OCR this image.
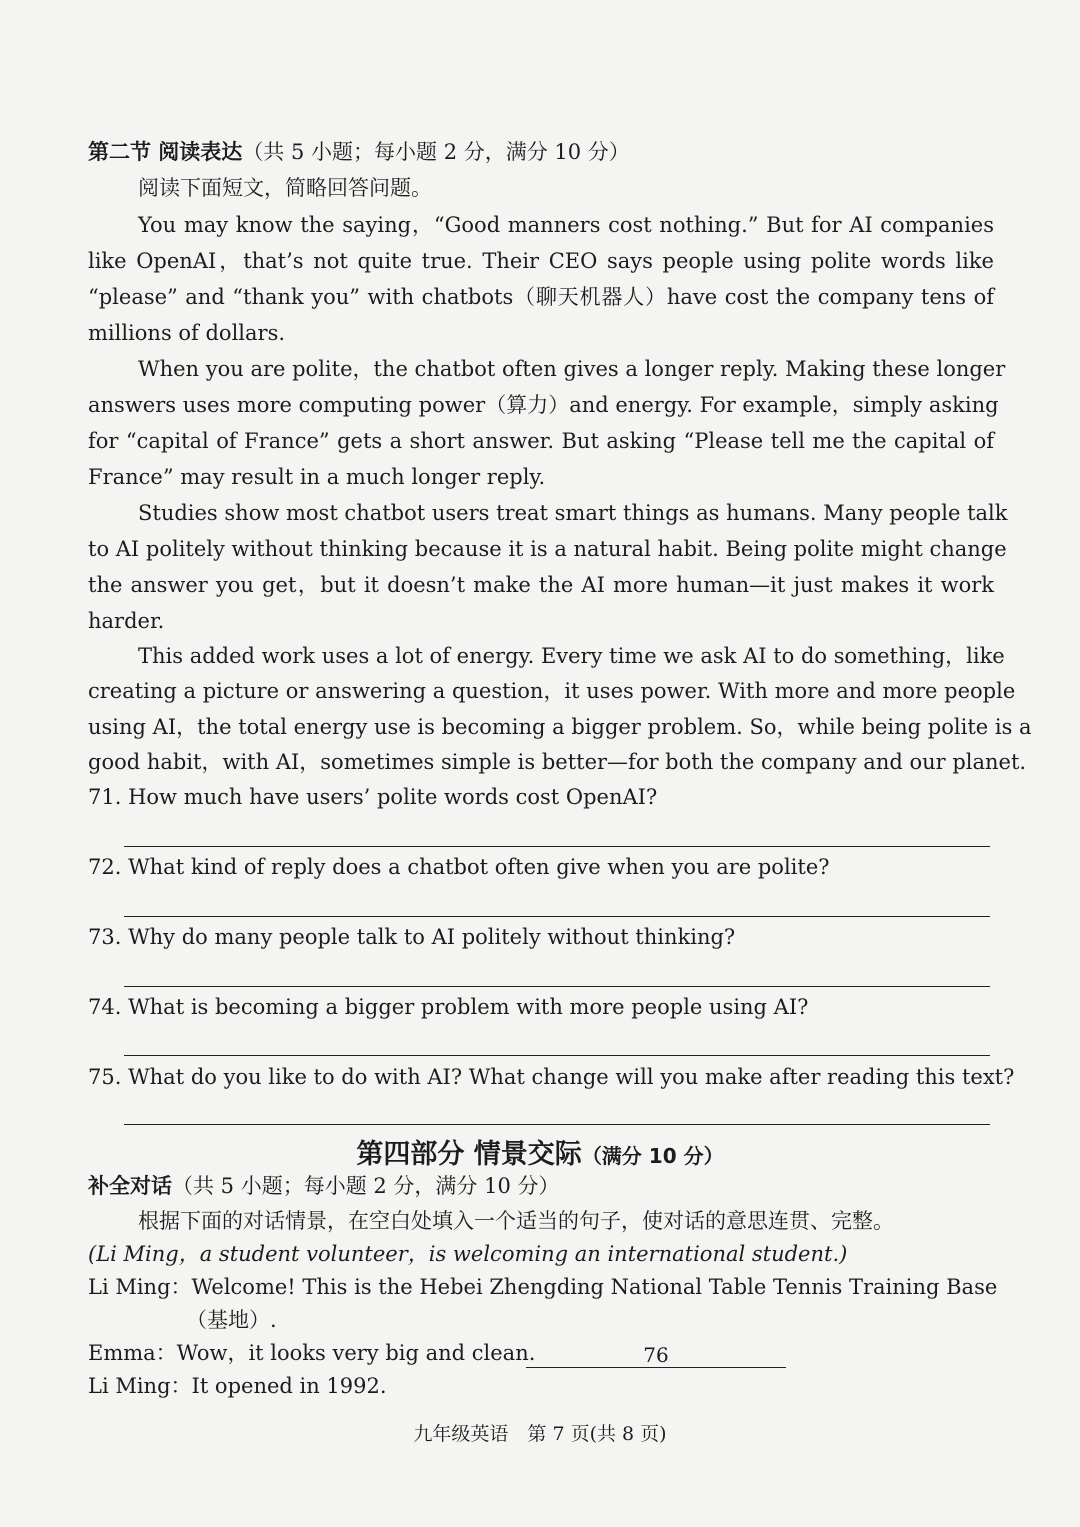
第二节 阅读表达（共 5 小题；每小题 2 分，满分 10 分）
阅读下面短文，简略回答问题。
You may know the saying，“Good manners cost nothing.” But for AI companies
like OpenAI，that’s not quite true. Their CEO says people using polite words like
“please” and “thank you” with chatbots（聊天机器人）have cost the company tens of
millions of dollars.
When you are polite，the chatbot often gives a longer reply. Making these longer
answers uses more computing power（算力）and energy. For example，simply asking
for “capital of France” gets a short answer. But asking “Please tell me the capital of
France” may result in a much longer reply.
Studies show most chatbot users treat smart things as humans. Many people talk
to AI politely without thinking because it is a natural habit. Being polite might change
the answer you get，but it doesn’t make the AI more human—it just makes it work
harder.
This added work uses a lot of energy. Every time we ask AI to do something，like
creating a picture or answering a question，it uses power. With more and more people
using AI，the total energy use is becoming a bigger problem. So，while being polite is a
good habit，with AI，sometimes simple is better—for both the company and our planet.
71. How much have users’ polite words cost OpenAI?
72. What kind of reply does a chatbot often give when you are polite?
73. Why do many people talk to AI politely without thinking?
74. What is becoming a bigger problem with more people using AI?
75. What do you like to do with AI? What change will you make after reading this text?
第四部分 情景交际（满分 10 分）
补全对话（共 5 小题；每小题 2 分，满分 10 分）
根据下面的对话情景，在空白处填入一个适当的句子，使对话的意思连贯、完整。
(Li Ming，a student volunteer，is welcoming an international student.)
Li Ming：Welcome! This is the Hebei Zhengding National Table Tennis Training Base
（基地）.
Emma：Wow，it looks very big and clean.	76
Li Ming：It opened in 1992.
九年级英语　第 7 页(共 8 页)
